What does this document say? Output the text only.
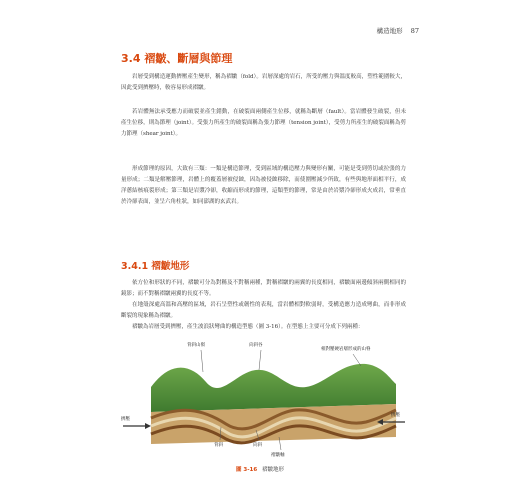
構造地形 87
3.4 褶皺、斷層與節理
岩層受到構造運動擠壓產生變形，稱為褶皺（fold）。岩層深處的岩石，所受的壓力與溫度較高，塑性範圍較大，因此受到擠壓時，較容易形成褶皺。
若岩體無法承受應力而破裂並產生錯動，在破裂面兩側產生位移，就稱為斷層（fault）。當岩體發生破裂，但未產生位移，則為節理（joint）。受張力所產生的破裂面稱為張力節理（tension joint），受剪力所產生的破裂面稱為剪力節理（shear joint）。
形成節理的原因，大致有三類：一類是構造節理，受到區域的構造壓力與變形有關，可能是受到剪切或拉張的力量形成；二類是解壓節理，岩體上的覆蓋層被侵蝕，因為被侵蝕移除，而使圍壓減少所致，有些與地形面相平行，成洋蔥結核痕裂形成；第三類是岩漿冷卻，收縮而形成的節理，這類型的節理，常是由於岩漿冷卻形成火成岩，常垂直於冷卻表面，並呈六角柱狀，如同澎湖的玄武岩。
3.4.1 褶皺地形
依方位和形狀的不同，褶皺可分為對稱及不對稱兩種，對稱褶皺的兩翼的長度相同，褶皺面兩邊傾斜兩側相同的鏡影；而不對稱褶皺兩翼的長度不等。
在地殼深處高溫和高壓的區域，岩石呈塑性或韌性的表現，當岩體相對軟弱時，受構造應力造成彎曲，而非形成斷裂的現象稱為褶皺。
褶皺為岩層受到擠壓，產生波浪狀彎曲的構造型態（圖 3-16）。在型態上主要可分成下列兩種：
背斜山嶺	向斜谷
相對壓硬岩層形成的山脊
擠壓
擠壓
背斜	向斜
褶皺軸
圖 3-16 褶皺地形
